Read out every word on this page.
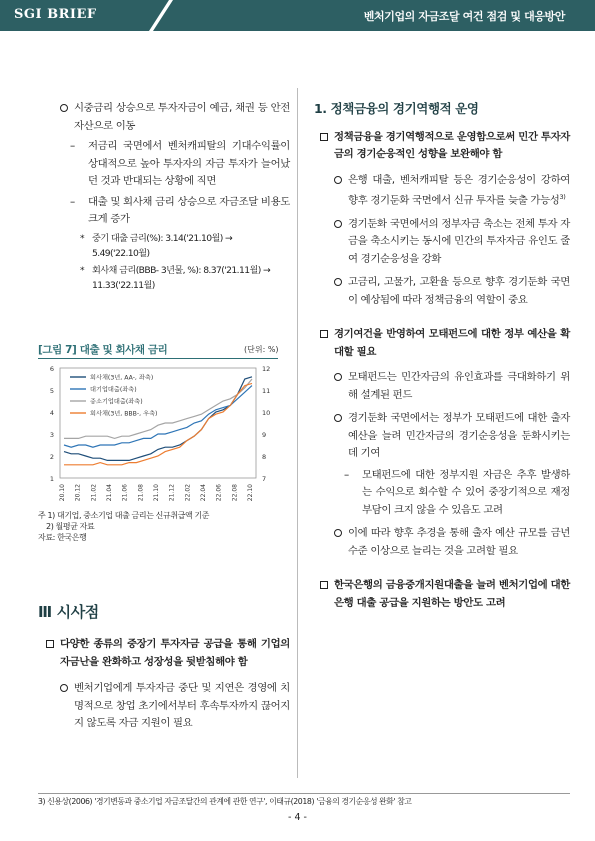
SGI BRIEF	벤처기업의 자금조달 여건 점검 및 대응방안
시중금리 상승으로 투자자금이 예금, 채권 등 안전자산으로 이동
– 저금리 국면에서 벤처캐피탈의 기대수익률이 상대적으로 높아 투자자의 자금 투자가 늘어났던 것과 반대되는 상황에 직면
– 대출 및 회사채 금리 상승으로 자금조달 비용도 크게 증가
* 중기 대출 금리(%): 3.14('21.10월) → 5.49('22.10월)
* 회사채 금리(BBB- 3년물, %): 8.37('21.11월) → 11.33('22.11월)
[그림 7] 대출 및 회사채 금리	(단위: %)
1
2
3
4
5
6
7
8
9
10
11
12
20.10 20.12 21.02 21.04 21.06 21.08 21.10 21.12 22.02 22.04 22.06 22.08 22.10
회사채(3년, AA-, 좌축)
대기업대출(좌축)
중소기업대출(좌축)
회사채(3년, BBB-, 우축)
주 1) 대기업, 중소기업 대출 금리는 신규취급액 기준
2) 월평균 자료
자료: 한국은행
Ⅲ 시사점
다양한 종류의 중장기 투자자금 공급을 통해 기업의 자금난을 완화하고 성장성을 뒷받침해야 함
벤처기업에게 투자자금 중단 및 지연은 경영에 치명적으로 창업 초기에서부터 후속투자까지 끊어지지 않도록 자금 지원이 필요
1. 정책금융의 경기역행적 운영
정책금융을 경기역행적으로 운영함으로써 민간 투자자금의 경기순응적인 성향을 보완해야 함
은행 대출, 벤처캐피탈 등은 경기순응성이 강하여 향후 경기둔화 국면에서 신규 투자를 늦출 가능성$^{3)}$
경기둔화 국면에서의 정부자금 축소는 전체 투자 자금을 축소시키는 동시에 민간의 투자자금 유인도 줄여 경기순응성을 강화
고금리, 고물가, 고환율 등으로 향후 경기둔화 국면이 예상됨에 따라 정책금융의 역할이 중요
경기여건을 반영하여 모태펀드에 대한 정부 예산을 확대할 필요
모태펀드는 민간자금의 유인효과를 극대화하기 위해 설계된 펀드
경기둔화 국면에서는 정부가 모태펀드에 대한 출자 예산을 늘려 민간자금의 경기순응성을 둔화시키는데 기여
– 모태펀드에 대한 정부지원 자금은 추후 발생하는 수익으로 회수할 수 있어 중장기적으로 재정부담이 크지 않을 수 있음도 고려
이에 따라 향후 추경을 통해 출자 예산 규모를 금년 수준 이상으로 늘리는 것을 고려할 필요
한국은행의 금융중개지원대출을 늘려 벤처기업에 대한 은행 대출 공급을 지원하는 방안도 고려
3) 신용상(2006) '경기변동과 중소기업 자금조달간의 관계에 관한 연구', 이태규(2018) '금융의 경기순응성 완화' 참고
- 4 -
